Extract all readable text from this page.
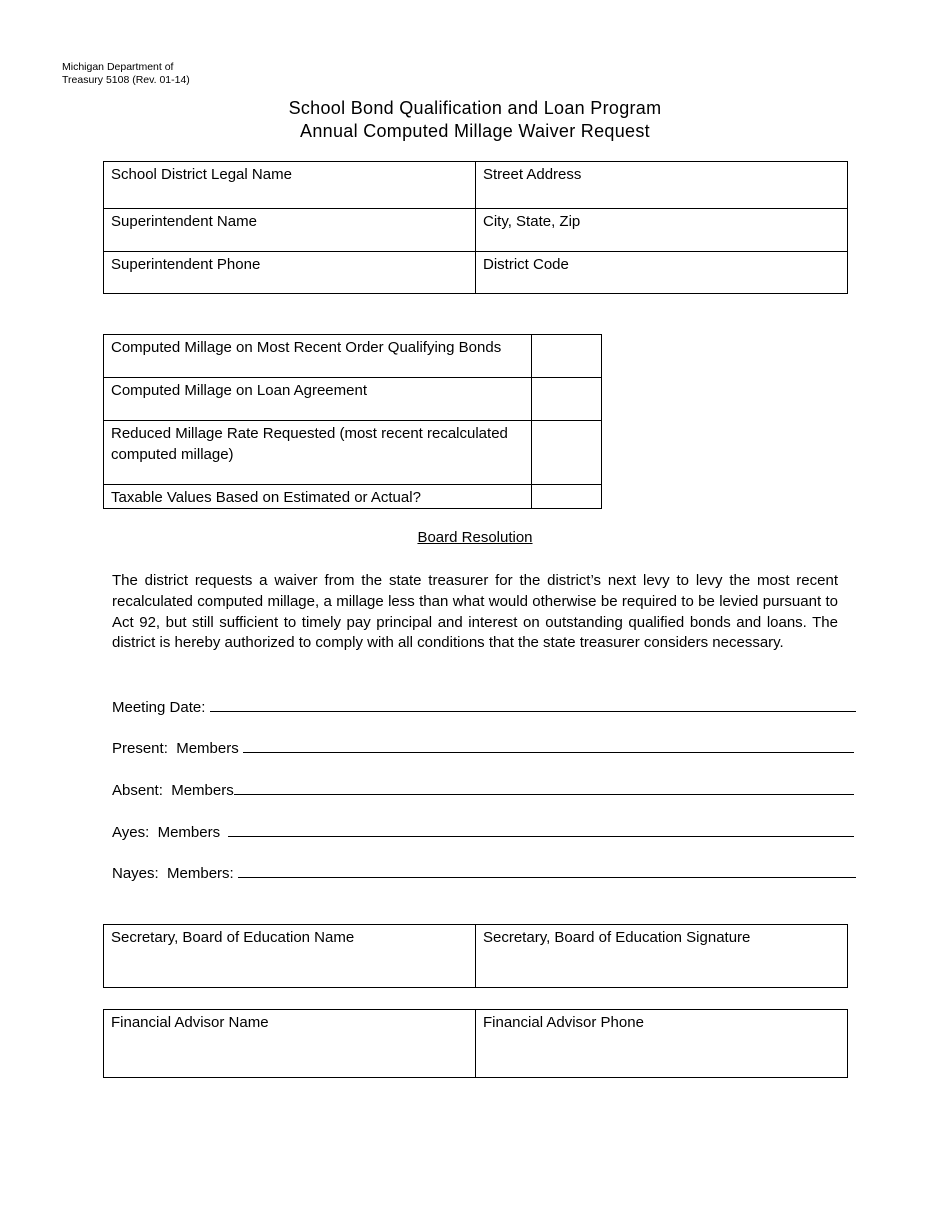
Michigan Department of
Treasury 5108 (Rev. 01-14)
School Bond Qualification and Loan Program
Annual Computed Millage Waiver Request
School District Legal Name	Street Address
Superintendent Name	City, State, Zip
Superintendent Phone	District Code
Computed Millage on Most Recent Order Qualifying Bonds	
Computed Millage on Loan Agreement	
Reduced Millage Rate Requested (most recent recalculated computed millage)	
Taxable Values Based on Estimated or Actual?	
Board Resolution

The district requests a waiver from the state treasurer for the district’s next levy to levy the most recent recalculated computed millage, a millage less than what would otherwise be required to be levied pursuant to Act 92, but still sufficient to timely pay principal and interest on outstanding qualified bonds and loans. The district is hereby authorized to comply with all conditions that the state treasurer considers necessary.

Meeting Date:
Present:  Members
Absent:  Members
Ayes:  Members
Nayes:  Members:
Secretary, Board of Education Name	Secretary, Board of Education Signature
Financial Advisor Name	Financial Advisor Phone
